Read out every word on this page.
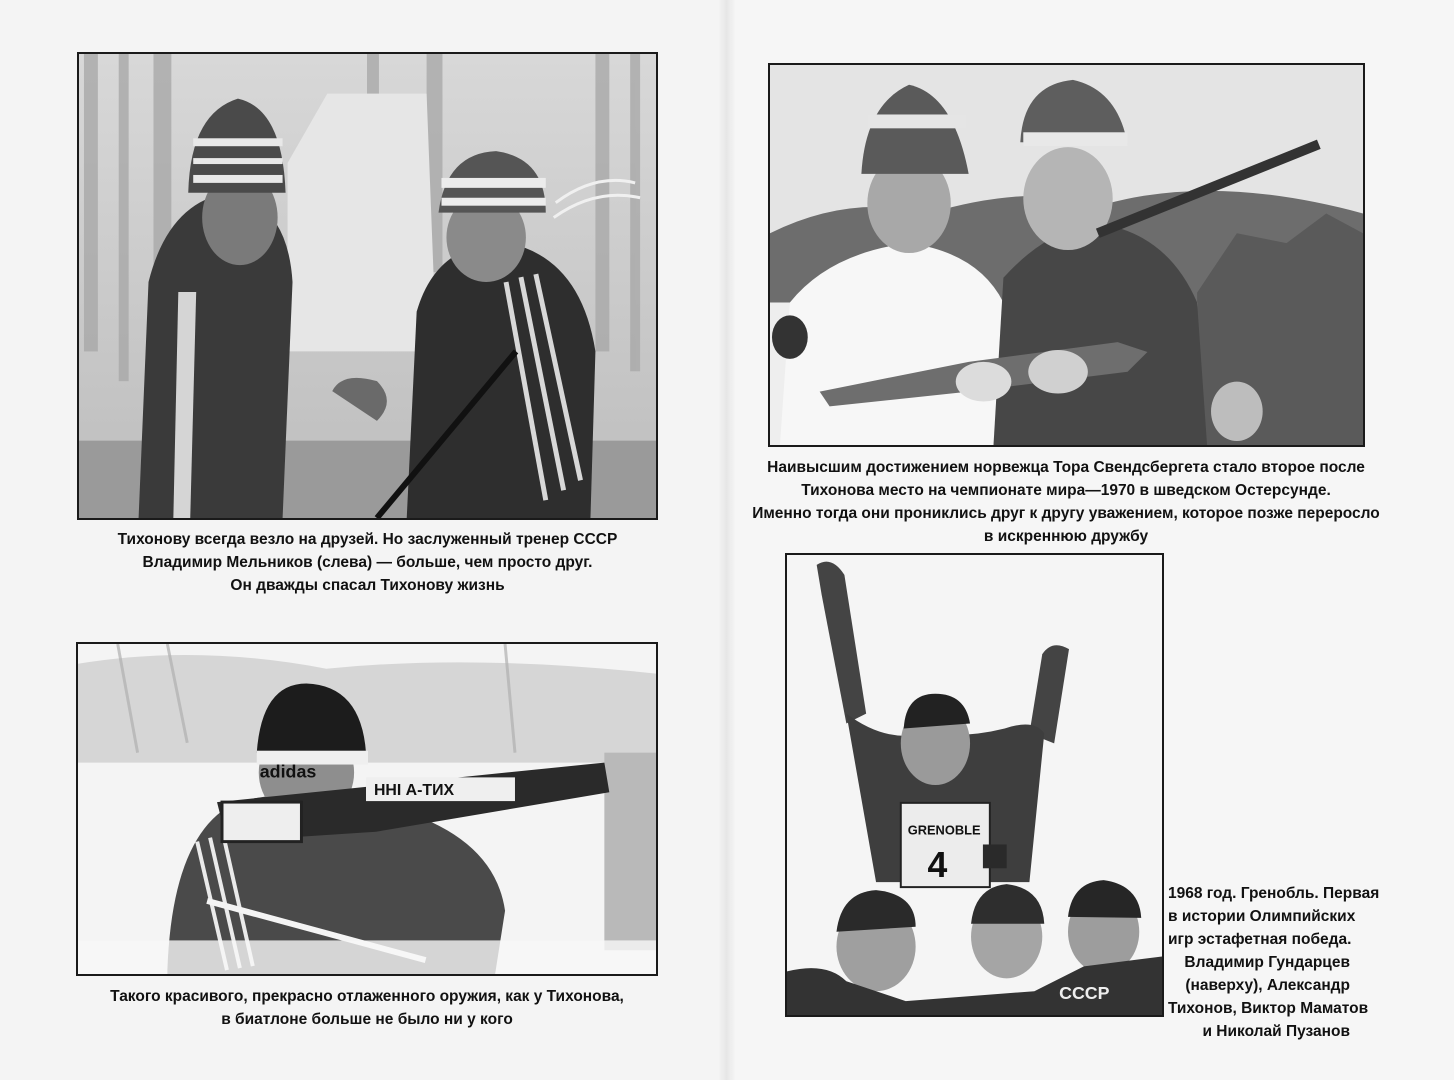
Тихонову всегда везло на друзей. Но заслуженный тренер СССР
Владимир Мельников (слева) — больше, чем просто друг.
Он дважды спасал Тихонову жизнь
Наивысшим достижением норвежца Тора Свендсбергета стало второе после
Тихонова место на чемпионате мира—1970 в шведском Остерсунде.
Именно тогда они прониклись друг к другу уважением, которое позже переросло
в искреннюю дружбу
adidas
HHI А-ТИХ
Такого красивого, прекрасно отлаженного оружия, как у Тихонова,
в биатлоне больше не было ни у кого
GRENOBLE
4
СССР
1968 год. Гренобль. Первая
в истории Олимпийских
игр эстафетная победа.
Владимир Гундарцев
(наверху), Александр
Тихонов, Виктор Маматов
и Николай Пузанов
